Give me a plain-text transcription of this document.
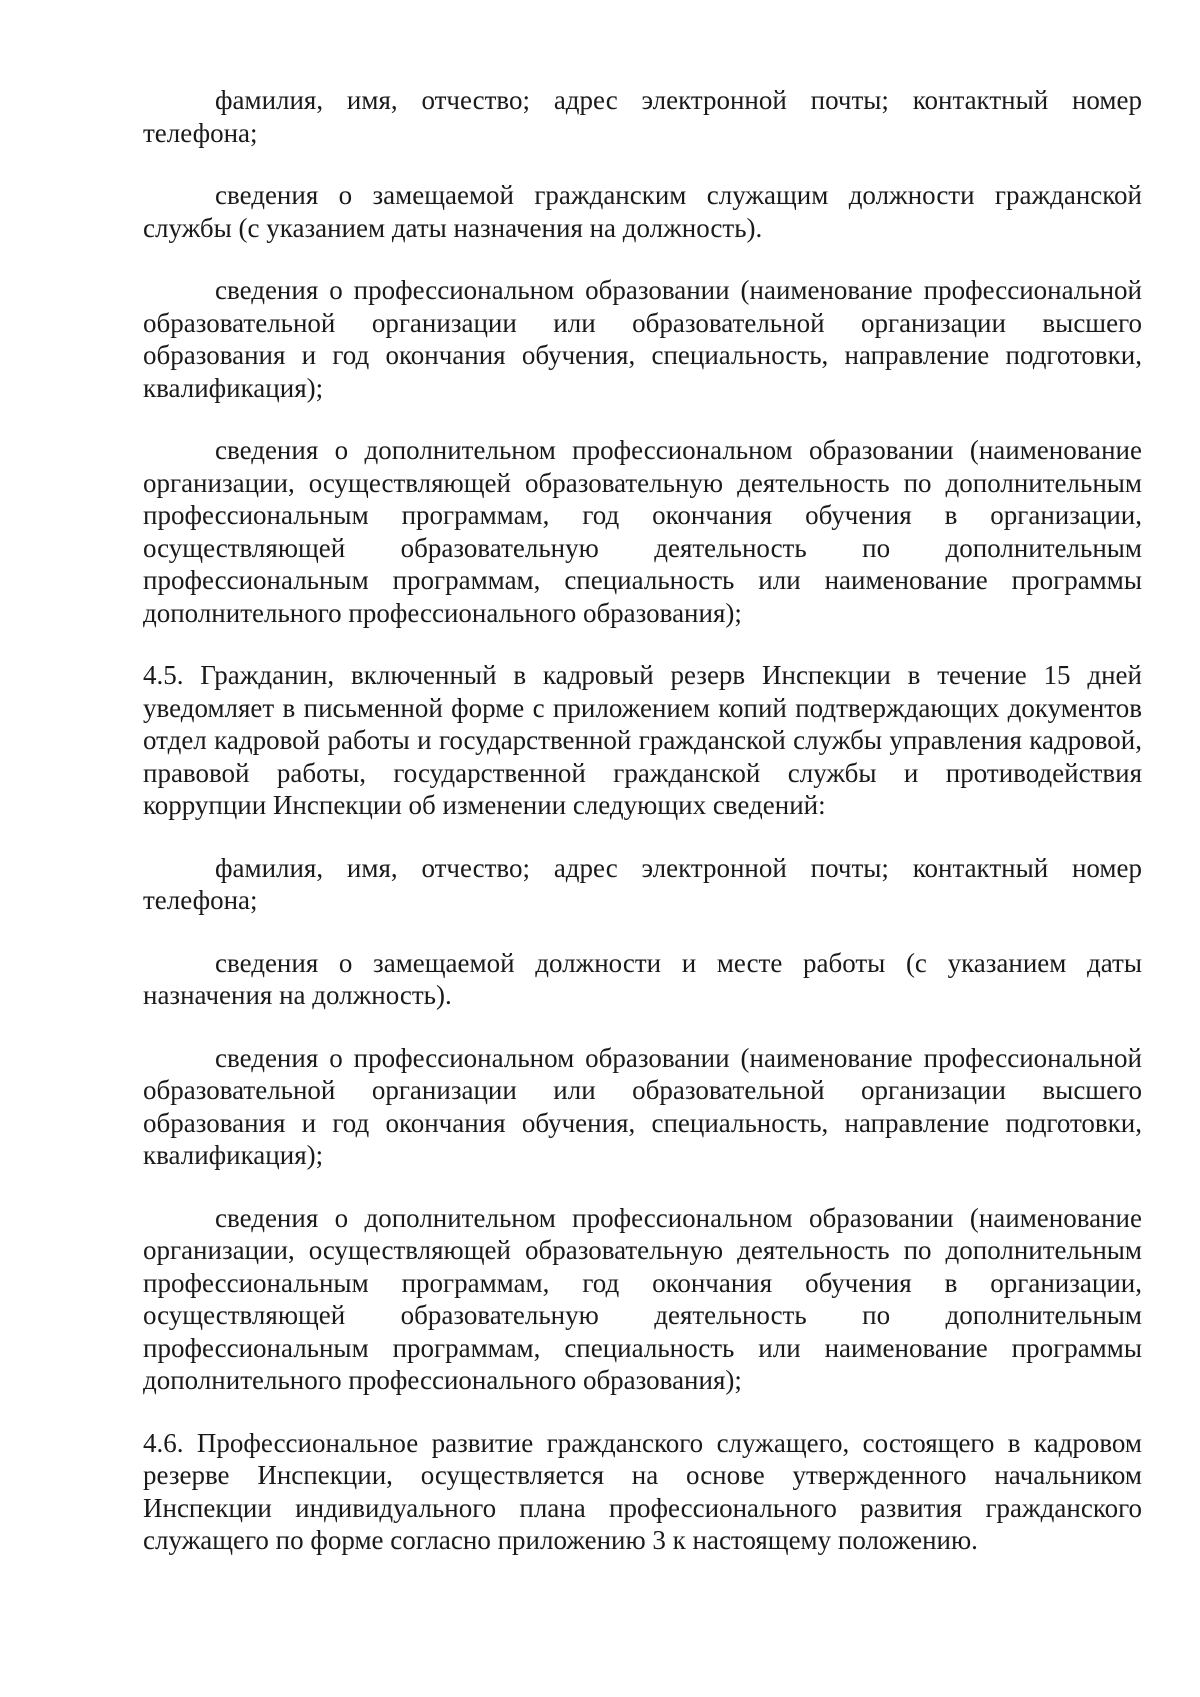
фамилия, имя, отчество; адрес электронной почты; контактный номер телефона;

сведения о замещаемой гражданским служащим должности гражданской службы (с указанием даты назначения на должность).

сведения о профессиональном образовании (наименование профессиональной образовательной организации или образовательной организации высшего образования и год окончания обучения, специальность, направление подготовки, квалификация);

сведения о дополнительном профессиональном образовании (наименование организации, осуществляющей образовательную деятельность по дополнительным профессиональным программам, год окончания обучения в организации, осуществляющей образовательную деятельность по дополнительным профессиональным программам, специальность или наименование программы дополнительного профессионального образования);

4.5. Гражданин, включенный в кадровый резерв Инспекции в течение 15 дней уведомляет в письменной форме с приложением копий подтверждающих документов отдел кадровой работы и государственной гражданской службы управления кадровой, правовой работы, государственной гражданской службы и противодействия коррупции Инспекции об изменении следующих сведений:

фамилия, имя, отчество; адрес электронной почты; контактный номер телефона;

сведения о замещаемой должности и месте работы (с указанием даты назначения на должность).

сведения о профессиональном образовании (наименование профессиональной образовательной организации или образовательной организации высшего образования и год окончания обучения, специальность, направление подготовки, квалификация);

сведения о дополнительном профессиональном образовании (наименование организации, осуществляющей образовательную деятельность по дополнительным профессиональным программам, год окончания обучения в организации, осуществляющей образовательную деятельность по дополнительным профессиональным программам, специальность или наименование программы дополнительного профессионального образования);

4.6. Профессиональное развитие гражданского служащего, состоящего в кадровом резерве Инспекции, осуществляется на основе утвержденного начальником Инспекции индивидуального плана профессионального развития гражданского служащего по форме согласно приложению 3 к настоящему положению.
